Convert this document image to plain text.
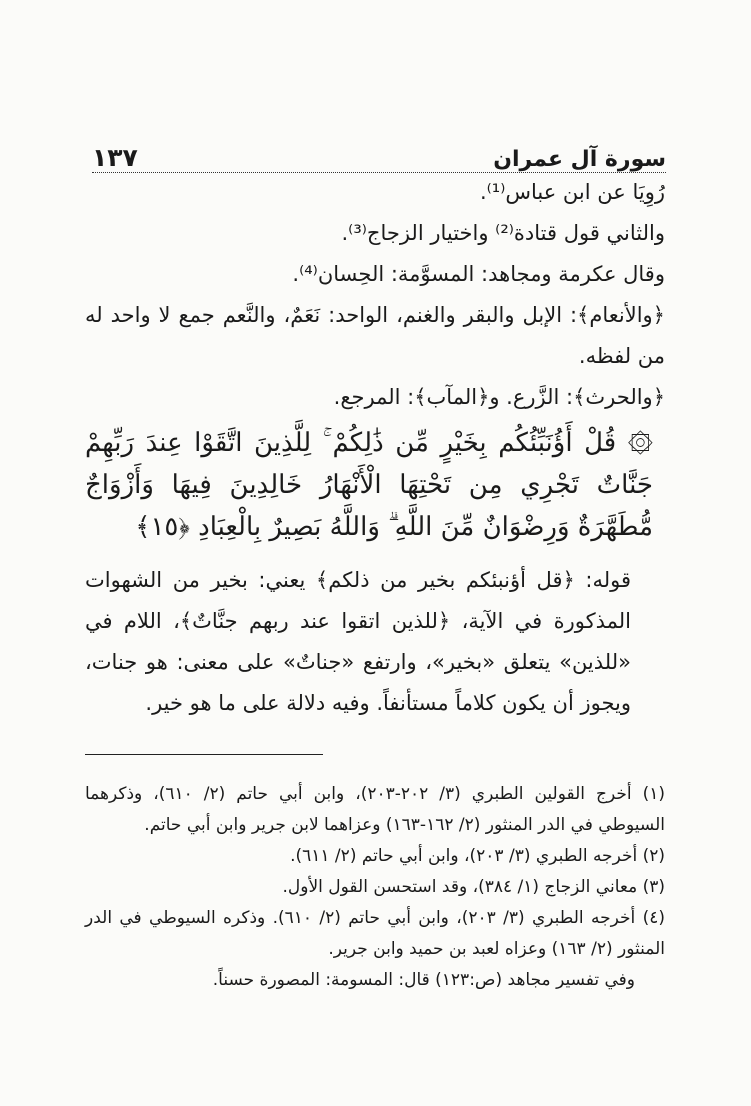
سورة آل عمران
١٣٧
رُوِيَا عن ابن عباس⁽¹⁾.
والثاني قول قتادة⁽²⁾ واختيار الزجاج⁽³⁾.
وقال عكرمة ومجاهد: المسوَّمة: الحِسان⁽⁴⁾.

﴿والأنعام﴾: الإبل والبقر والغنم، الواحد: نَعَمٌ، والنَّعم جمع لا واحد له من لفظه.

﴿والحرث﴾: الزَّرع. و﴿المآب﴾: المرجع.

۞ قُلْ أَؤُنَبِّئُكُم بِخَيْرٍ مِّن ذَٰلِكُمْ ۚ لِلَّذِينَ اتَّقَوْا عِندَ رَبِّهِمْ جَنَّاتٌ تَجْرِي مِن تَحْتِهَا الْأَنْهَارُ خَالِدِينَ فِيهَا وَأَزْوَاجٌ مُّطَهَّرَةٌ وَرِضْوَانٌ مِّنَ اللَّهِ ۗ وَاللَّهُ بَصِيرٌ بِالْعِبَادِ ﴿١٥﴾

قوله: ﴿قل أؤنبئكم بخير من ذلكم﴾ يعني: بخير من الشهوات المذكورة في الآية، ﴿للذين اتقوا عند ربهم جنَّاتٌ﴾، اللام في «للذين» يتعلق «بخير»، وارتفع «جناتٌ» على معنى: هو جنات، ويجوز أن يكون كلاماً مستأنفاً. وفيه دلالة على ما هو خير.

(١) أخرج القولين الطبري (٣/ ٢٠٢-٢٠٣)، وابن أبي حاتم (٢/ ٦١٠)، وذكرهما السيوطي في الدر المنثور (٢/ ١٦٢-١٦٣) وعزاهما لابن جرير وابن أبي حاتم.

(٢) أخرجه الطبري (٣/ ٢٠٣)، وابن أبي حاتم (٢/ ٦١١).

(٣) معاني الزجاج (١/ ٣٨٤)، وقد استحسن القول الأول.

(٤) أخرجه الطبري (٣/ ٢٠٣)، وابن أبي حاتم (٢/ ٦١٠). وذكره السيوطي في الدر المنثور (٢/ ١٦٣) وعزاه لعبد بن حميد وابن جرير.

وفي تفسير مجاهد (ص:١٢٣) قال: المسومة: المصورة حسناً.
